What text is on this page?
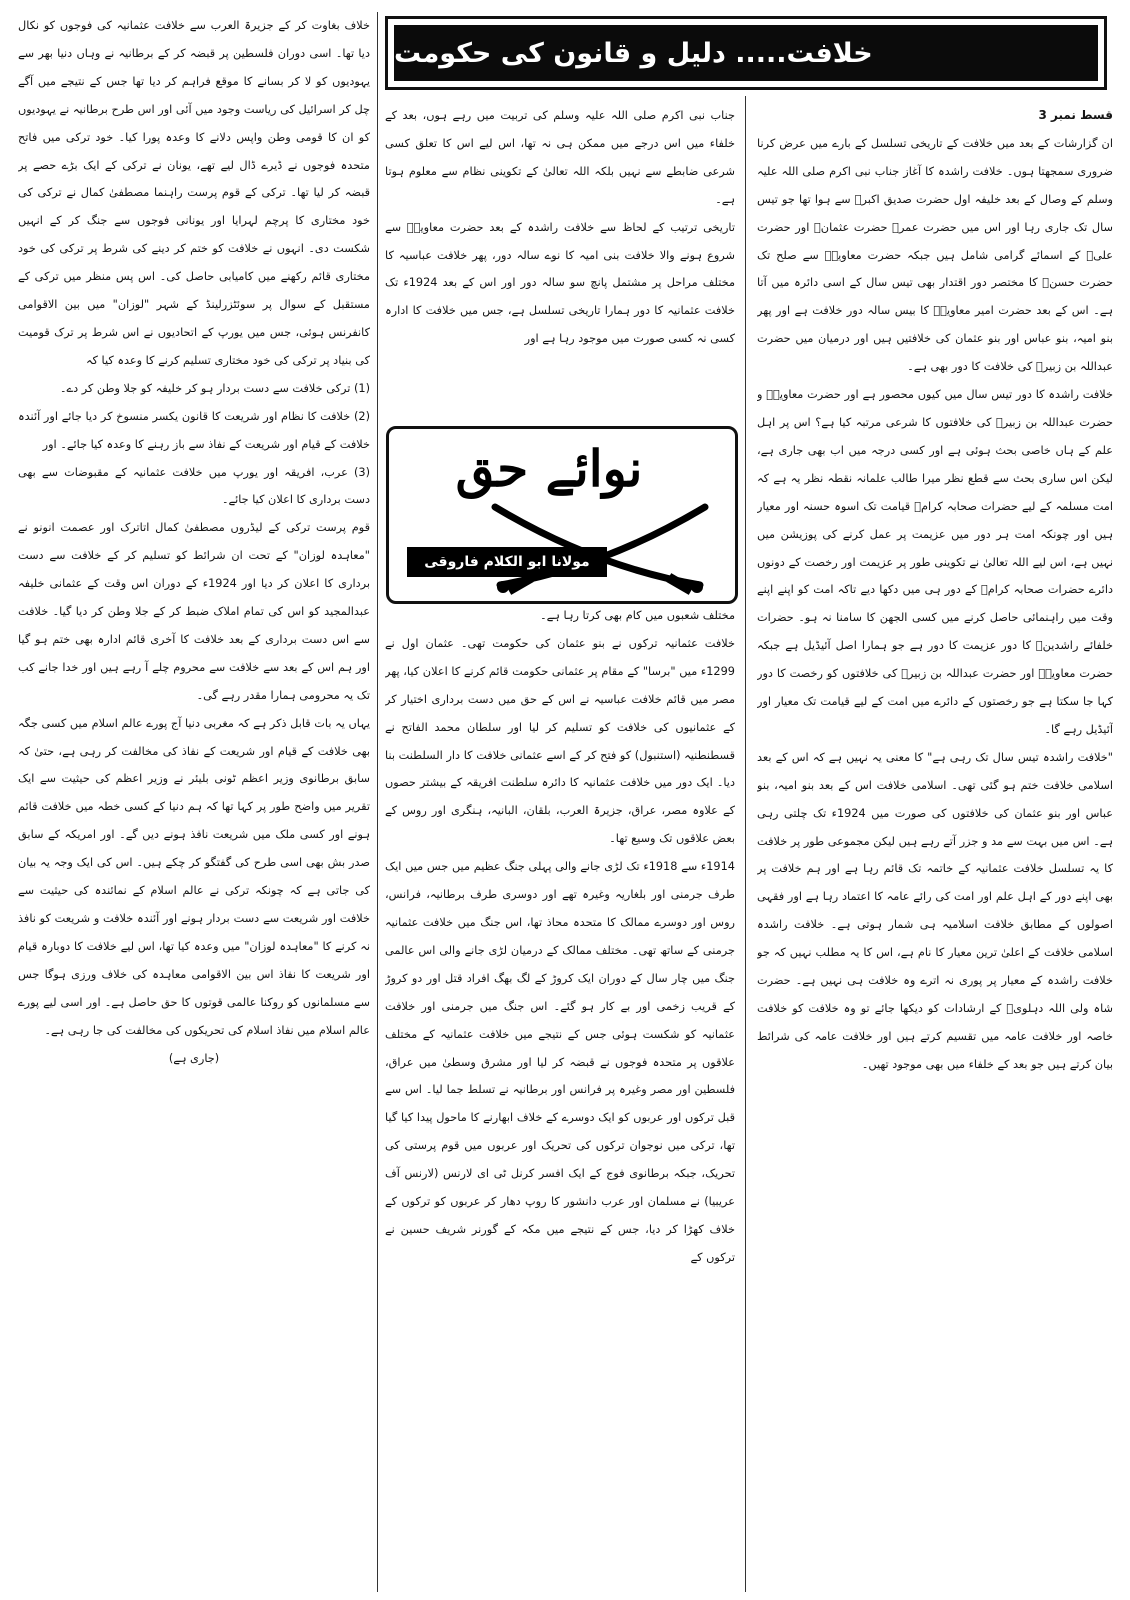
خلافت..... دلیل و قانون کی حکومت

قسط نمبر 3

ان گزارشات کے بعد میں خلافت کے تاریخی تسلسل کے بارے میں عرض کرنا ضروری سمجھتا ہوں۔ خلافت راشدہ کا آغاز جناب نبی اکرم صلی اللہ علیہ وسلم کے وصال کے بعد خلیفہ اول حضرت صدیق اکبرؓ سے ہوا تھا جو تیس سال تک جاری رہا اور اس میں حضرت عمرؓ حضرت عثمانؓ اور حضرت علیؓ کے اسمائے گرامی شامل ہیں جبکہ حضرت معاویہؓ سے صلح تک حضرت حسنؓ کا مختصر دور اقتدار بھی تیس سال کے اسی دائرہ میں آتا ہے۔ اس کے بعد حضرت امیر معاویہؓ کا بیس سالہ دور خلافت ہے اور پھر بنو امیہ، بنو عباس اور بنو عثمان کی خلافتیں ہیں اور درمیان میں حضرت عبداللہ بن زبیرؓ کی خلافت کا دور بھی ہے۔

خلافت راشدہ کا دور تیس سال میں کیوں محصور ہے اور حضرت معاویہؓ و حضرت عبداللہ بن زبیرؓ کی خلافتوں کا شرعی مرتبہ کیا ہے؟ اس پر اہل علم کے ہاں خاصی بحث ہوئی ہے اور کسی درجہ میں اب بھی جاری ہے، لیکن اس ساری بحث سے قطع نظر میرا طالب علمانہ نقطہ نظر یہ ہے کہ امت مسلمہ کے لیے حضرات صحابہ کرامؓ قیامت تک اسوہ حسنہ اور معیار ہیں اور چونکہ امت ہر دور میں عزیمت پر عمل کرنے کی پوزیشن میں نہیں ہے، اس لیے اللہ تعالیٰ نے تکوینی طور پر عزیمت اور رخصت کے دونوں دائرے حضرات صحابہ کرامؓ کے دور ہی میں دکھا دیے تاکہ امت کو اپنے اپنے وقت میں راہنمائی حاصل کرنے میں کسی الجھن کا سامنا نہ ہو۔ حضرات خلفائے راشدینؓ کا دور عزیمت کا دور ہے جو ہمارا اصل آئیڈیل ہے جبکہ حضرت معاویہؓ اور حضرت عبداللہ بن زبیرؓ کی خلافتوں کو رخصت کا دور کہا جا سکتا ہے جو رخصتوں کے دائرے میں امت کے لیے قیامت تک معیار اور آئیڈیل رہے گا۔

"خلافت راشدہ تیس سال تک رہی ہے" کا معنی یہ نہیں ہے کہ اس کے بعد اسلامی خلافت ختم ہو گئی تھی۔ اسلامی خلافت اس کے بعد بنو امیہ، بنو عباس اور بنو عثمان کی خلافتوں کی صورت میں 1924ء تک چلتی رہی ہے۔ اس میں بہت سے مد و جزر آتے رہے ہیں لیکن مجموعی طور پر خلافت کا یہ تسلسل خلافت عثمانیہ کے خاتمہ تک قائم رہا ہے اور ہم خلافت پر بھی اپنے دور کے اہل علم اور امت کی رائے عامہ کا اعتماد رہا ہے اور فقہی اصولوں کے مطابق خلافت اسلامیہ ہی شمار ہوتی ہے۔ خلافت راشدہ اسلامی خلافت کے اعلیٰ ترین معیار کا نام ہے، اس کا یہ مطلب نہیں کہ جو خلافت راشدہ کے معیار پر پوری نہ اترے وہ خلافت ہی نہیں ہے۔ حضرت شاہ ولی اللہ دہلویؒ کے ارشادات کو دیکھا جائے تو وہ خلافت کو خلافت خاصہ اور خلافت عامہ میں تقسیم کرتے ہیں اور خلافت عامہ کی شرائط بیان کرتے ہیں جو بعد کے خلفاء میں بھی موجود تھیں۔

جناب نبی اکرم صلی اللہ علیہ وسلم کی تربیت میں رہے ہوں، بعد کے خلفاء میں اس درجے میں ممکن ہی نہ تھا، اس لیے اس کا تعلق کسی شرعی ضابطے سے نہیں بلکہ اللہ تعالیٰ کے تکوینی نظام سے معلوم ہوتا ہے۔

تاریخی ترتیب کے لحاظ سے خلافت راشدہ کے بعد حضرت معاویہؓ سے شروع ہونے والا خلافت بنی امیہ کا نوے سالہ دور، پھر خلافت عباسیہ کا مختلف مراحل پر مشتمل پانچ سو سالہ دور اور اس کے بعد 1924ء تک خلافت عثمانیہ کا دور ہمارا تاریخی تسلسل ہے، جس میں خلافت کا ادارہ کسی نہ کسی صورت میں موجود رہا ہے اور

نوائے حق
مولانا ابو الکلام فاروقی

مختلف شعبوں میں کام بھی کرتا رہا ہے۔

خلافت عثمانیہ ترکوں نے بنو عثمان کی حکومت تھی۔ عثمان اول نے 1299ء میں "برسا" کے مقام پر عثمانی حکومت قائم کرنے کا اعلان کیا، پھر مصر میں قائم خلافت عباسیہ نے اس کے حق میں دست برداری اختیار کر کے عثمانیوں کی خلافت کو تسلیم کر لیا اور سلطان محمد الفاتح نے قسطنطنیہ (استنبول) کو فتح کر کے اسے عثمانی خلافت کا دار السلطنت بنا دیا۔ ایک دور میں خلافت عثمانیہ کا دائرہ سلطنت افریقہ کے بیشتر حصوں کے علاوہ مصر، عراق، جزیرۃ العرب، بلقان، البانیہ، ہنگری اور روس کے بعض علاقوں تک وسیع تھا۔

1914ء سے 1918ء تک لڑی جانے والی پہلی جنگ عظیم میں جس میں ایک طرف جرمنی اور بلغاریہ وغیرہ تھے اور دوسری طرف برطانیہ، فرانس، روس اور دوسرے ممالک کا متحدہ محاذ تھا، اس جنگ میں خلافت عثمانیہ جرمنی کے ساتھ تھی۔ مختلف ممالک کے درمیان لڑی جانے والی اس عالمی جنگ میں چار سال کے دوران ایک کروڑ کے لگ بھگ افراد قتل اور دو کروڑ کے قریب زخمی اور بے کار ہو گئے۔ اس جنگ میں جرمنی اور خلافت عثمانیہ کو شکست ہوئی جس کے نتیجے میں خلافت عثمانیہ کے مختلف علاقوں پر متحدہ فوجوں نے قبضہ کر لیا اور مشرق وسطیٰ میں عراق، فلسطین اور مصر وغیرہ پر فرانس اور برطانیہ نے تسلط جما لیا۔ اس سے قبل ترکوں اور عربوں کو ایک دوسرے کے خلاف ابھارنے کا ماحول پیدا کیا گیا تھا، ترکی میں نوجوان ترکوں کی تحریک اور عربوں میں قوم پرستی کی تحریک، جبکہ برطانوی فوج کے ایک افسر کرنل ٹی ای لارنس (لارنس آف عریبیا) نے مسلمان اور عرب دانشور کا روپ دھار کر عربوں کو ترکوں کے خلاف کھڑا کر دیا، جس کے نتیجے میں مکہ کے گورنر شریف حسین نے ترکوں کے

خلاف بغاوت کر کے جزیرۃ العرب سے خلافت عثمانیہ کی فوجوں کو نکال دیا تھا۔ اسی دوران فلسطین پر قبضہ کر کے برطانیہ نے وہاں دنیا بھر سے یہودیوں کو لا کر بسانے کا موقع فراہم کر دیا تھا جس کے نتیجے میں آگے چل کر اسرائیل کی ریاست وجود میں آئی اور اس طرح برطانیہ نے یہودیوں کو ان کا قومی وطن واپس دلانے کا وعدہ پورا کیا۔ خود ترکی میں فاتح متحدہ فوجوں نے ڈیرے ڈال لیے تھے، یونان نے ترکی کے ایک بڑے حصے پر قبضہ کر لیا تھا۔ ترکی کے قوم پرست راہنما مصطفیٰ کمال نے ترکی کی خود مختاری کا پرچم لہرایا اور یونانی فوجوں سے جنگ کر کے انہیں شکست دی۔ انہوں نے خلافت کو ختم کر دینے کی شرط پر ترکی کی خود مختاری قائم رکھنے میں کامیابی حاصل کی۔ اس پس منظر میں ترکی کے مستقبل کے سوال پر سوئٹزرلینڈ کے شہر "لوزان" میں بین الاقوامی کانفرنس ہوئی، جس میں یورپ کے اتحادیوں نے اس شرط پر ترک قومیت کی بنیاد پر ترکی کی خود مختاری تسلیم کرنے کا وعدہ کیا کہ

(1) ترکی خلافت سے دست بردار ہو کر خلیفہ کو جلا وطن کر دے۔

(2) خلافت کا نظام اور شریعت کا قانون یکسر منسوخ کر دیا جائے اور آئندہ خلافت کے قیام اور شریعت کے نفاذ سے باز رہنے کا وعدہ کیا جائے۔ اور

(3) عرب، افریقہ اور یورپ میں خلافت عثمانیہ کے مقبوضات سے بھی دست برداری کا اعلان کیا جائے۔

قوم پرست ترکی کے لیڈروں مصطفیٰ کمال اتاترک اور عصمت انونو نے "معاہدہ لوزان" کے تحت ان شرائط کو تسلیم کر کے خلافت سے دست برداری کا اعلان کر دیا اور 1924ء کے دوران اس وقت کے عثمانی خلیفہ عبدالمجید کو اس کی تمام املاک ضبط کر کے جلا وطن کر دیا گیا۔ خلافت سے اس دست برداری کے بعد خلافت کا آخری قائم ادارہ بھی ختم ہو گیا اور ہم اس کے بعد سے خلافت سے محروم چلے آ رہے ہیں اور خدا جانے کب تک یہ محرومی ہمارا مقدر رہے گی۔

یہاں یہ بات قابل ذکر ہے کہ مغربی دنیا آج پورے عالم اسلام میں کسی جگہ بھی خلافت کے قیام اور شریعت کے نفاذ کی مخالفت کر رہی ہے، حتیٰ کہ سابق برطانوی وزیر اعظم ٹونی بلیئر نے وزیر اعظم کی حیثیت سے ایک تقریر میں واضح طور پر کہا تھا کہ ہم دنیا کے کسی خطہ میں خلافت قائم ہونے اور کسی ملک میں شریعت نافذ ہونے دیں گے۔ اور امریکہ کے سابق صدر بش بھی اسی طرح کی گفتگو کر چکے ہیں۔ اس کی ایک وجہ یہ بیان کی جاتی ہے کہ چونکہ ترکی نے عالم اسلام کے نمائندہ کی حیثیت سے خلافت اور شریعت سے دست بردار ہونے اور آئندہ خلافت و شریعت کو نافذ نہ کرنے کا "معاہدہ لوزان" میں وعدہ کیا تھا، اس لیے خلافت کا دوبارہ قیام اور شریعت کا نفاذ اس بین الاقوامی معاہدہ کی خلاف ورزی ہوگا جس سے مسلمانوں کو روکنا عالمی قوتوں کا حق حاصل ہے۔ اور اسی لیے پورے عالم اسلام میں نفاذ اسلام کی تحریکوں کی مخالفت کی جا رہی ہے۔

(جاری ہے)
